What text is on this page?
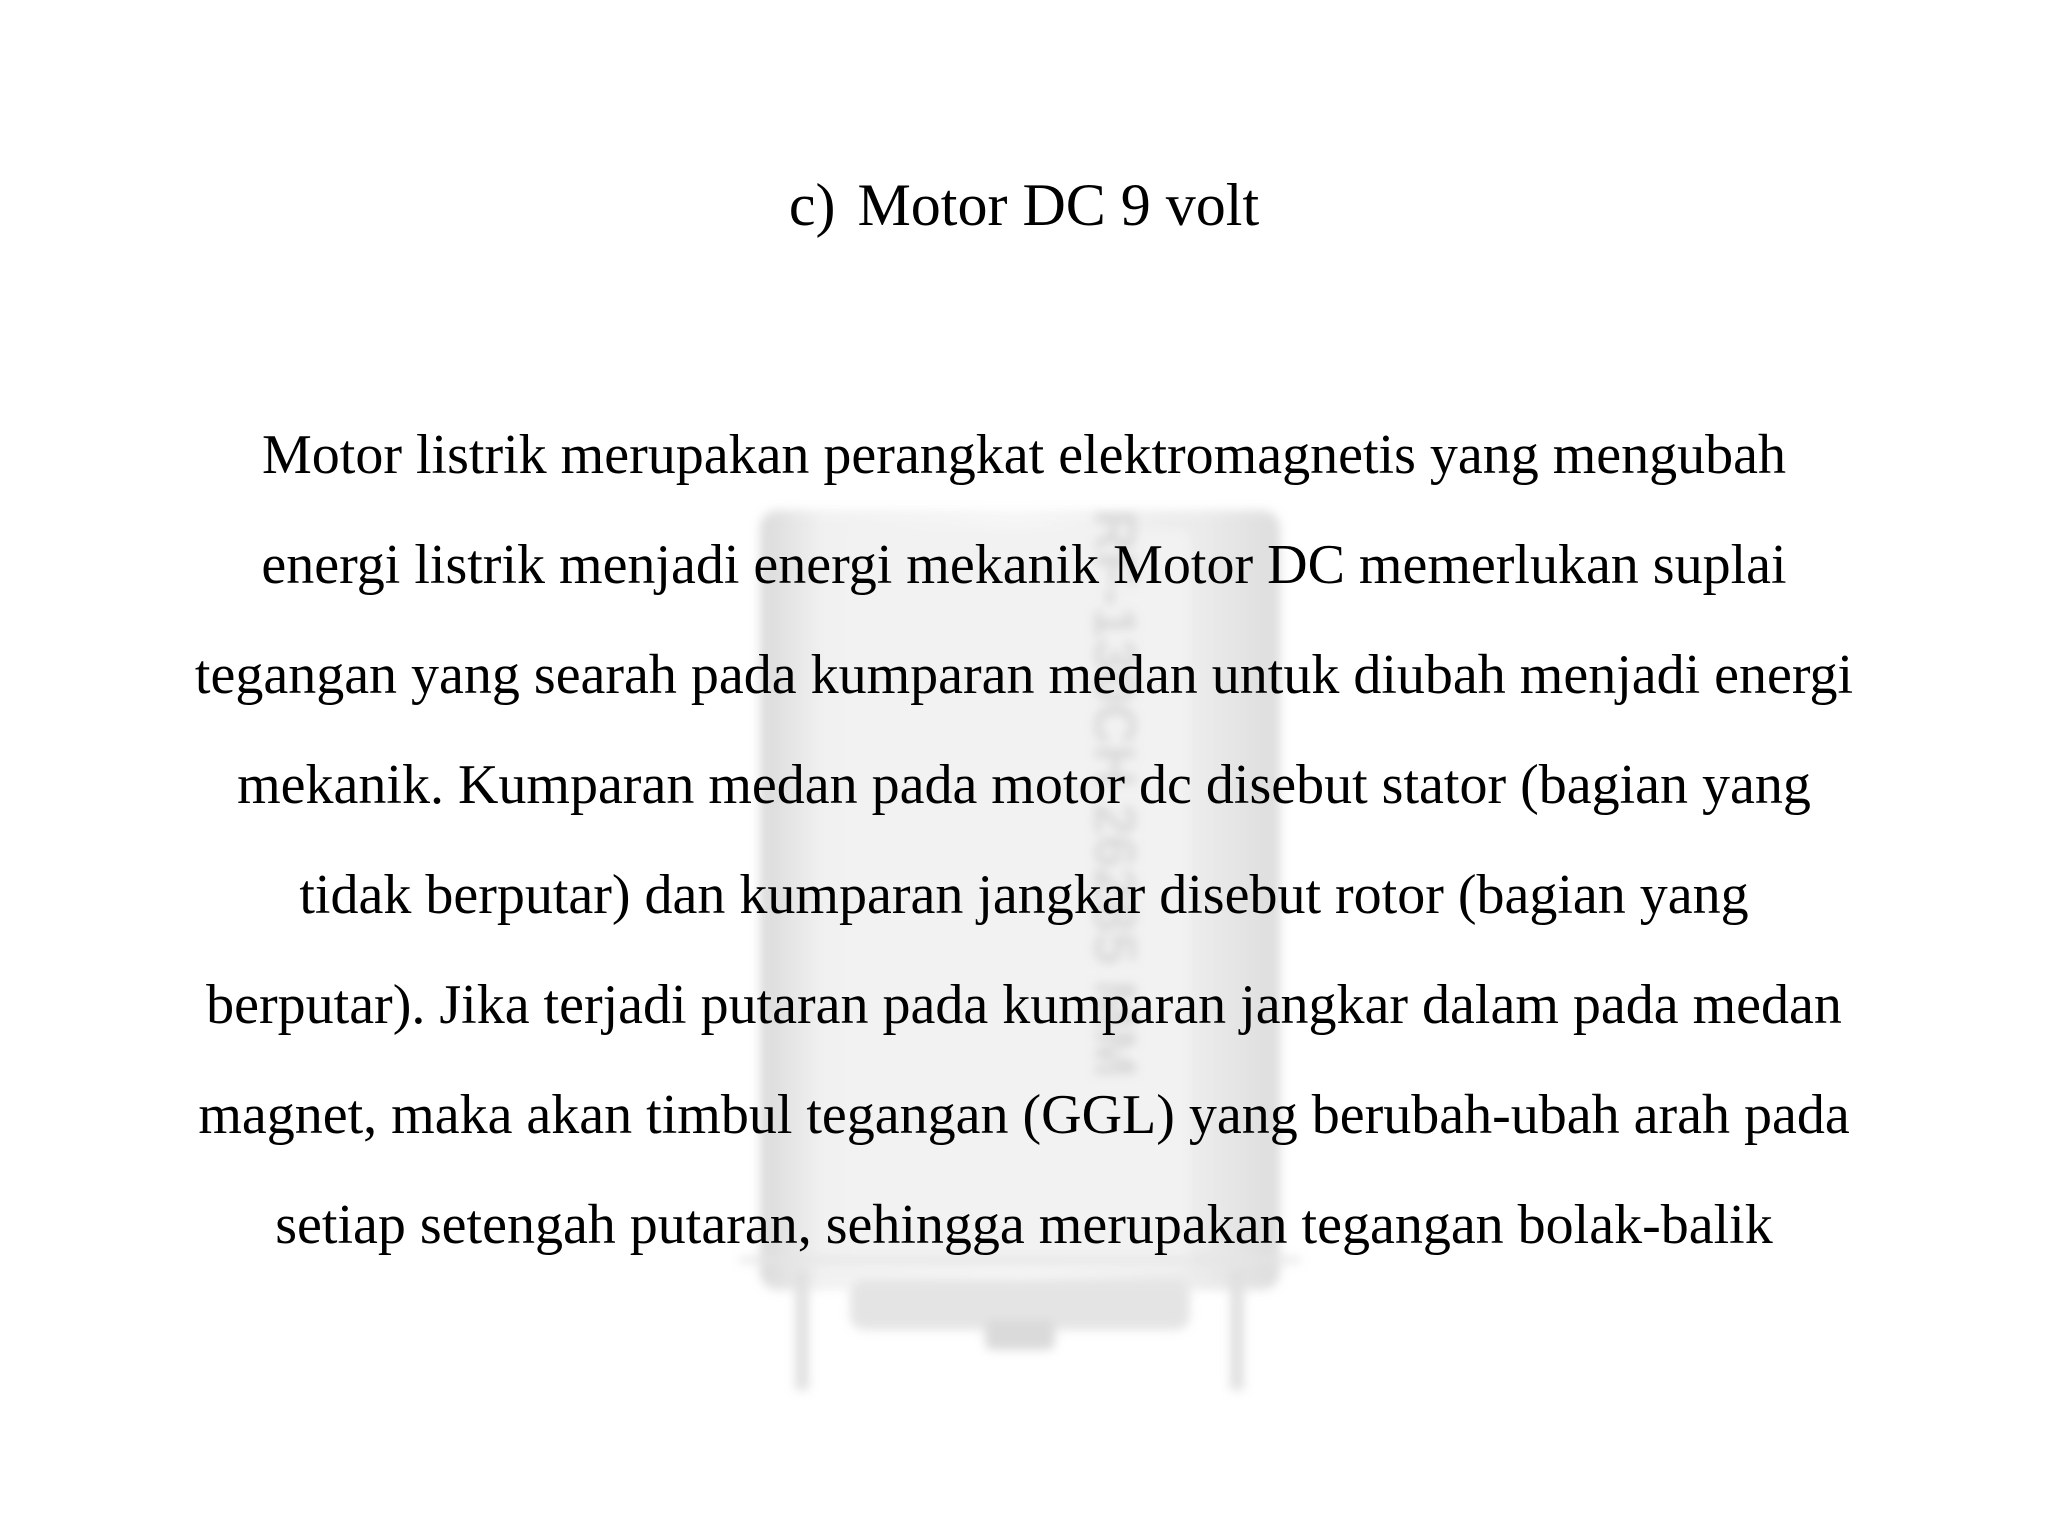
RF-130CH 26285 MM
c) Motor DC 9 volt
Motor listrik merupakan perangkat elektromagnetis yang mengubah
energi listrik menjadi energi mekanik Motor DC memerlukan suplai
tegangan yang searah pada kumparan medan untuk diubah menjadi energi
mekanik. Kumparan medan pada motor dc disebut stator (bagian yang
tidak berputar) dan kumparan jangkar disebut rotor (bagian yang
berputar). Jika terjadi putaran pada kumparan jangkar dalam pada medan
magnet, maka akan timbul tegangan (GGL) yang berubah-ubah arah pada
setiap setengah putaran, sehingga merupakan tegangan bolak-balik
